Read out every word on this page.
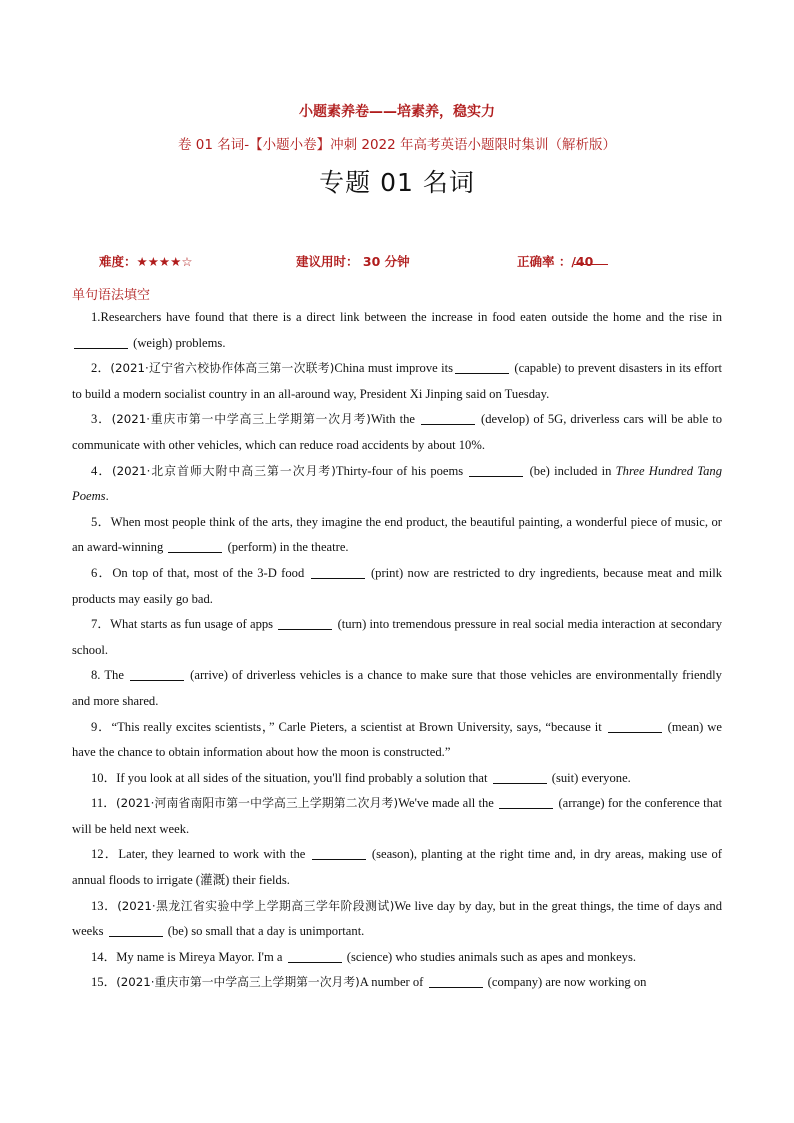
小题素养卷——培素养，稳实力
卷 01 名词-【小题小卷】冲刺 2022 年高考英语小题限时集训（解析版）
专题 01 名词
难度：★★★★☆	建议用时： 30 分钟	正确率 ：
/40
单句语法填空

1.Researchers have found that there is a direct link between the increase in food eaten outside the home and the rise in  (weigh) problems.

2．(2021·辽宁省六校协作体高三第一次联考)China must improve its	(capable) to prevent disasters in its effort to build a modern socialist country in an all-around way, President Xi Jinping said on Tuesday.

3．(2021·重庆市第一中学高三上学期第一次月考)With the	(develop) of 5G, driverless cars will be able to communicate with other vehicles, which can reduce road accidents by about 10%.

4．(2021·北京首师大附中高三第一次月考)Thirty-four of his poems	(be) included in Three Hundred Tang Poems.

5．When most people think of the arts, they imagine the end product, the beautiful painting, a wonderful piece of music, or an award-winning	(perform) in the theatre.

6．On top of that, most of the 3-D food	(print) now are restricted to dry ingredients, because meat and milk products may easily go bad.

7．What starts as fun usage of apps	(turn) into tremendous pressure in real social media interaction at secondary school.

8. The	(arrive) of driverless vehicles is a chance to make sure that those vehicles are environmentally friendly and more shared.

9．“This really excites scientists，” Carle Pieters, a scientist at Brown University, says, “because it	(mean) we have the chance to obtain information about how the moon is constructed.”

10．If you look at all sides of the situation, you'll find probably a solution that	(suit) everyone.

11．(2021·河南省南阳市第一中学高三上学期第二次月考)We've made all the	(arrange) for the conference that will be held next week.

12．Later, they learned to work with the	(season), planting at the right time and, in dry areas, making use of annual floods to irrigate (灌溉) their fields.

13．(2021·黑龙江省实验中学上学期高三学年阶段测试)We live day by day, but in the great things, the time of days and weeks	(be) so small that a day is unimportant.

14．My name is Mireya Mayor. I'm a	(science) who studies animals such as apes and monkeys.

15．(2021·重庆市第一中学高三上学期第一次月考)A number of	(company) are now working on
